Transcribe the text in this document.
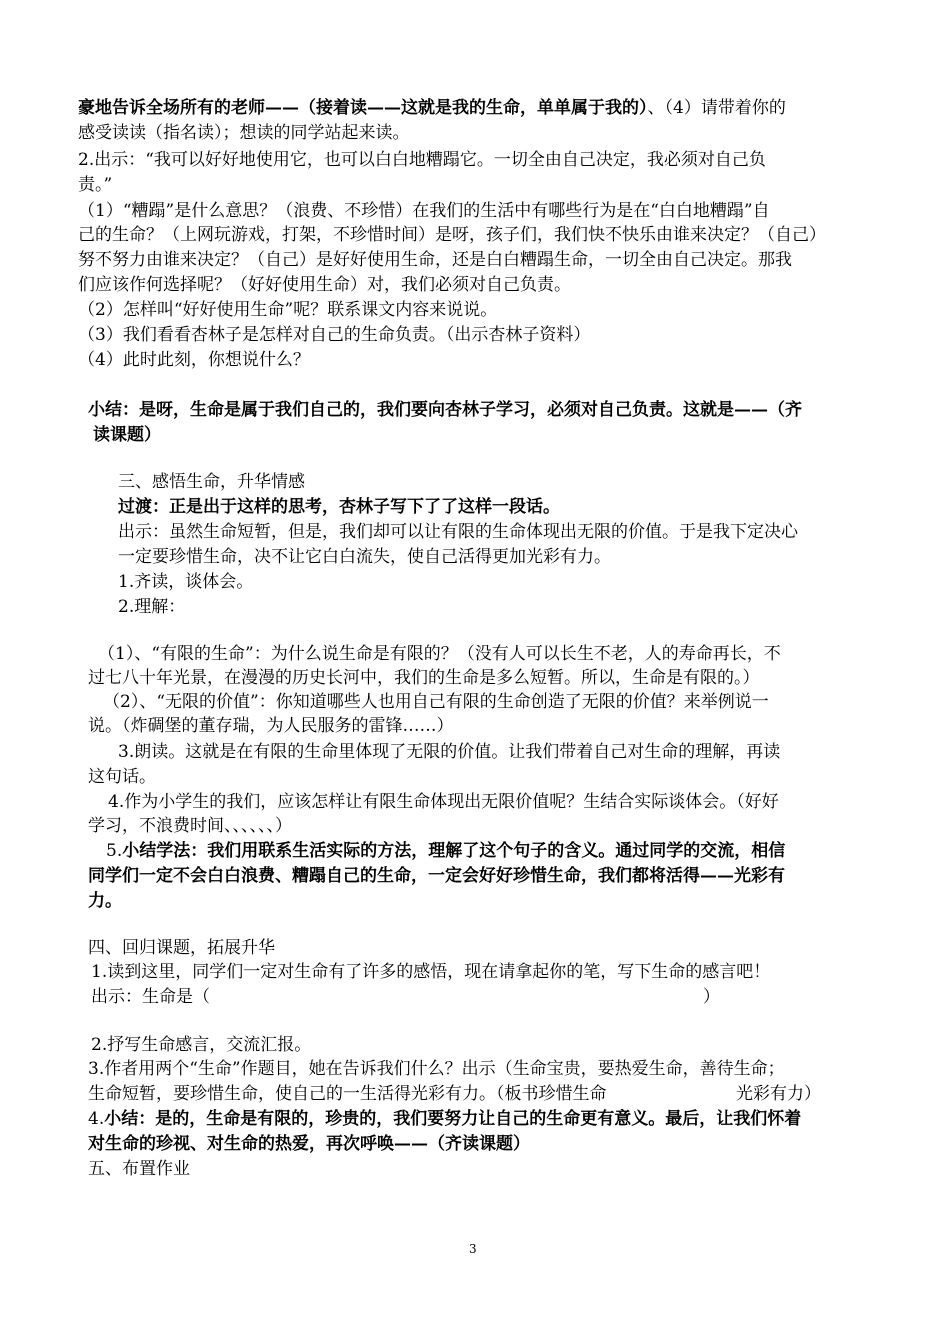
豪地告诉全场所有的老师——（接着读——这就是我的生命，单单属于我的）、（4）请带着你的
感受读读（指名读）；想读的同学站起来读。
2.出示：“我可以好好地使用它，也可以白白地糟蹋它。一切全由自己决定，我必须对自己负
责。”
（1）“糟蹋”是什么意思？（浪费、不珍惜）在我们的生活中有哪些行为是在“白白地糟蹋”自
己的生命？（上网玩游戏，打架，不珍惜时间）是呀，孩子们，我们快不快乐由谁来决定？（自己）
努不努力由谁来决定？（自己）是好好使用生命，还是白白糟蹋生命，一切全由自己决定。那我
们应该作何选择呢？（好好使用生命）对，我们必须对自己负责。
（2）怎样叫“好好使用生命”呢？联系课文内容来说说。
（3）我们看看杏林子是怎样对自己的生命负责。（出示杏林子资料）
（4）此时此刻，你想说什么？
小结：是呀，生命是属于我们自己的，我们要向杏林子学习，必须对自己负责。这就是——（齐
读课题）
三、感悟生命，升华情感
过渡：正是出于这样的思考，杏林子写下了了这样一段话。
出示：虽然生命短暂，但是，我们却可以让有限的生命体现出无限的价值。于是我下定决心
一定要珍惜生命，决不让它白白流失，使自己活得更加光彩有力。
1.齐读，谈体会。
2.理解：
（1）、“有限的生命”：为什么说生命是有限的？（没有人可以长生不老，人的寿命再长，不
过七八十年光景，在漫漫的历史长河中，我们的生命是多么短暂。所以，生命是有限的。）
（2）、“无限的价值”：你知道哪些人也用自己有限的生命创造了无限的价值？来举例说一
说。（炸碉堡的董存瑞，为人民服务的雷锋……）
3.朗读。这就是在有限的生命里体现了无限的价值。让我们带着自己对生命的理解，再读
这句话。
4.作为小学生的我们，应该怎样让有限生命体现出无限价值呢？生结合实际谈体会。（好好
学习，不浪费时间、、、、、、）
5.小结学法：我们用联系生活实际的方法，理解了这个句子的含义。通过同学的交流，相信
同学们一定不会白白浪费、糟蹋自己的生命，一定会好好珍惜生命，我们都将活得——光彩有
力。
四、回归课题，拓展升华
1.读到这里，同学们一定对生命有了许多的感悟，现在请拿起你的笔，写下生命的感言吧！
出示：生命是（	）
2.抒写生命感言，交流汇报。
3.作者用两个“生命”作题目，她在告诉我们什么？出示（生命宝贵，要热爱生命，善待生命；
生命短暂，要珍惜生命，使自己的一生活得光彩有力。（板书珍惜生命	光彩有力）
4.小结：是的，生命是有限的，珍贵的，我们要努力让自己的生命更有意义。最后，让我们怀着
对生命的珍视、对生命的热爱，再次呼唤——（齐读课题）
五、布置作业
3
